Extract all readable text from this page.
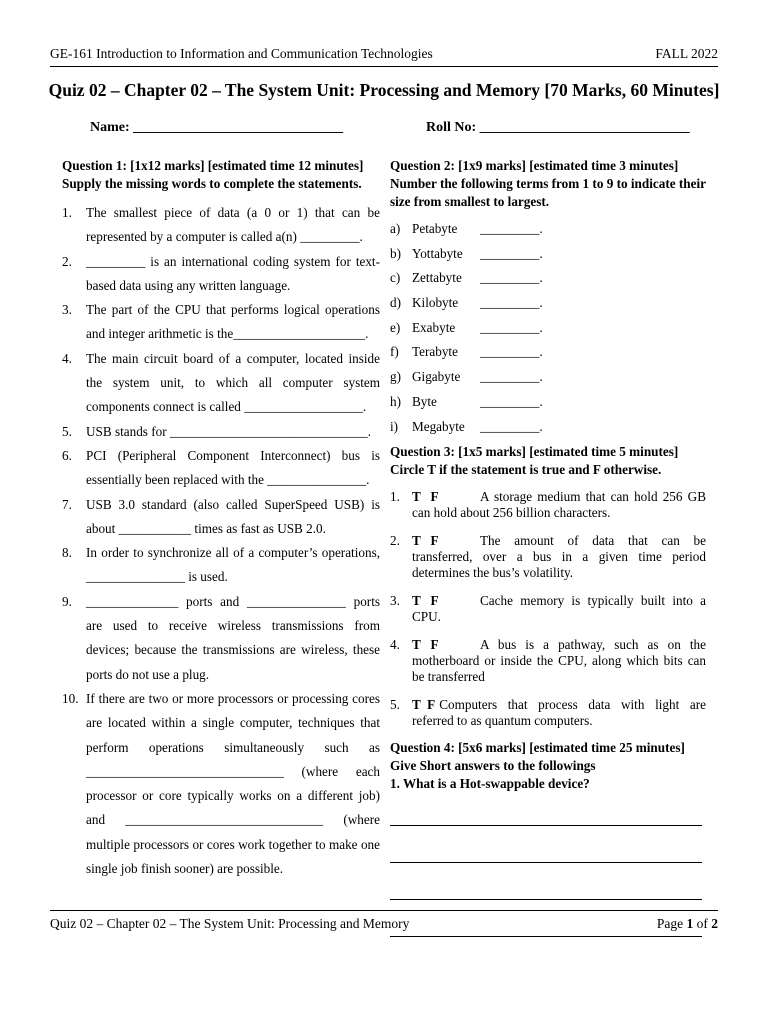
GE-161 Introduction to Information and Communication Technologies	FALL 2022
Quiz 02 – Chapter 02 – The System Unit: Processing and Memory [70 Marks, 60 Minutes]
Name: ______________________________	Roll No: ______________________________
Question 1: [1x12 marks] [estimated time 12 minutes]
Supply the missing words to complete the statements.
1. The smallest piece of data (a 0 or 1) that can be represented by a computer is called a(n) _________.
2. _________ is an international coding system for text-based data using any written language.
3. The part of the CPU that performs logical operations and integer arithmetic is the____________________.
4. The main circuit board of a computer, located inside the system unit, to which all computer system components connect is called __________________.
5. USB stands for ______________________________.
6. PCI (Peripheral Component Interconnect) bus is essentially been replaced with the _______________.
7. USB 3.0 standard (also called SuperSpeed USB) is about ___________ times as fast as USB 2.0.
8. In order to synchronize all of a computer’s operations, _______________ is used.
9. ______________ ports and _______________ ports are used to receive wireless transmissions from devices; because the transmissions are wireless, these ports do not use a plug.
10. If there are two or more processors or processing cores are located within a single computer, techniques that perform operations simultaneously such as ______________________________ (where each processor or core typically works on a different job) and ______________________________ (where multiple processors or cores work together to make one single job finish sooner) are possible.
Question 2: [1x9 marks] [estimated time 3 minutes]
Number the following terms from 1 to 9 to indicate their size from smallest to largest.
a) Petabyte _________.
b) Yottabyte _________.
c) Zettabyte _________.
d) Kilobyte _________.
e) Exabyte _________.
f) Terabyte _________.
g) Gigabyte _________.
h) Byte	_________.
i) Megabyte _________.
Question 3: [1x5 marks] [estimated time 5 minutes]
Circle T if the statement is true and F otherwise.
1. T   F	A storage medium that can hold 256 GB can hold about 256 billion characters.
2. T   F	The amount of data that can be transferred, over a bus in a given time period determines the bus’s volatility.
3. T   F	Cache memory is typically built into a CPU.
4. T   F	A bus is a pathway, such as on the motherboard or inside the CPU, along which bits can be transferred
5. T  F Computers that process data with light are referred to as quantum computers.
Question 4: [5x6 marks] [estimated time 25 minutes]
Give Short answers to the followings
1. What is a Hot-swappable device?
Quiz 02 – Chapter 02 – The System Unit: Processing and Memory	Page 1 of 2
